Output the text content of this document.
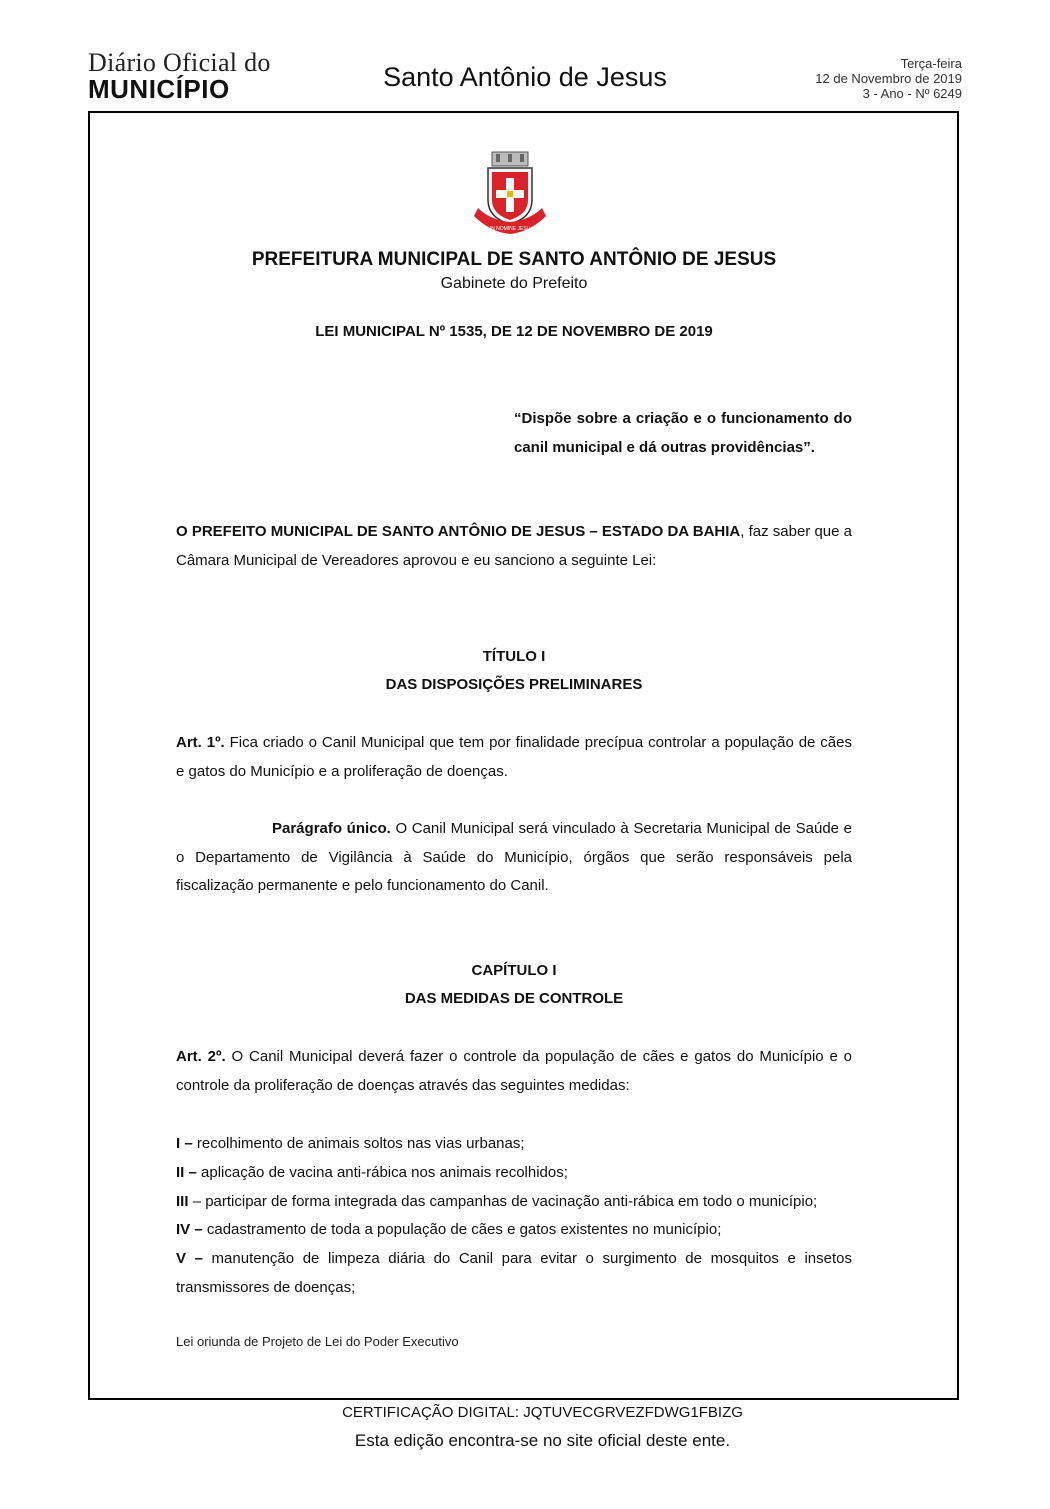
Diário Oficial do
MUNICÍPIO	Santo Antônio de Jesus	Terça-feira
12 de Novembro de 2019
3 - Ano - Nº 6249
IN NOMINE JESU
PREFEITURA MUNICIPAL DE SANTO ANTÔNIO DE JESUS
Gabinete do Prefeito
LEI MUNICIPAL Nº 1535, DE 12 DE NOVEMBRO DE 2019
“Dispõe sobre a criação e o funcionamento do canil municipal e dá outras providências”.
O PREFEITO MUNICIPAL DE SANTO ANTÔNIO DE JESUS – ESTADO DA BAHIA, faz saber que a Câmara Municipal de Vereadores aprovou e eu sanciono a seguinte Lei:
TÍTULO I
DAS DISPOSIÇÕES PRELIMINARES
Art. 1º. Fica criado o Canil Municipal que tem por finalidade precípua controlar a população de cães e gatos do Município e a proliferação de doenças.
Parágrafo único. O Canil Municipal será vinculado à Secretaria Municipal de Saúde e o Departamento de Vigilância à Saúde do Município, órgãos que serão responsáveis pela fiscalização permanente e pelo funcionamento do Canil.
CAPÍTULO I
DAS MEDIDAS DE CONTROLE
Art. 2º. O Canil Municipal deverá fazer o controle da população de cães e gatos do Município e o controle da proliferação de doenças através das seguintes medidas:
I – recolhimento de animais soltos nas vias urbanas;
II – aplicação de vacina anti-rábica nos animais recolhidos;
III – participar de forma integrada das campanhas de vacinação anti-rábica em todo o município;
IV – cadastramento de toda a população de cães e gatos existentes no município;
V – manutenção de limpeza diária do Canil para evitar o surgimento de mosquitos e insetos transmissores de doenças;
Lei oriunda de Projeto de Lei do Poder Executivo
CERTIFICAÇÃO DIGITAL: JQTUVECGRVEZFDWG1FBIZG
Esta edição encontra-se no site oficial deste ente.
